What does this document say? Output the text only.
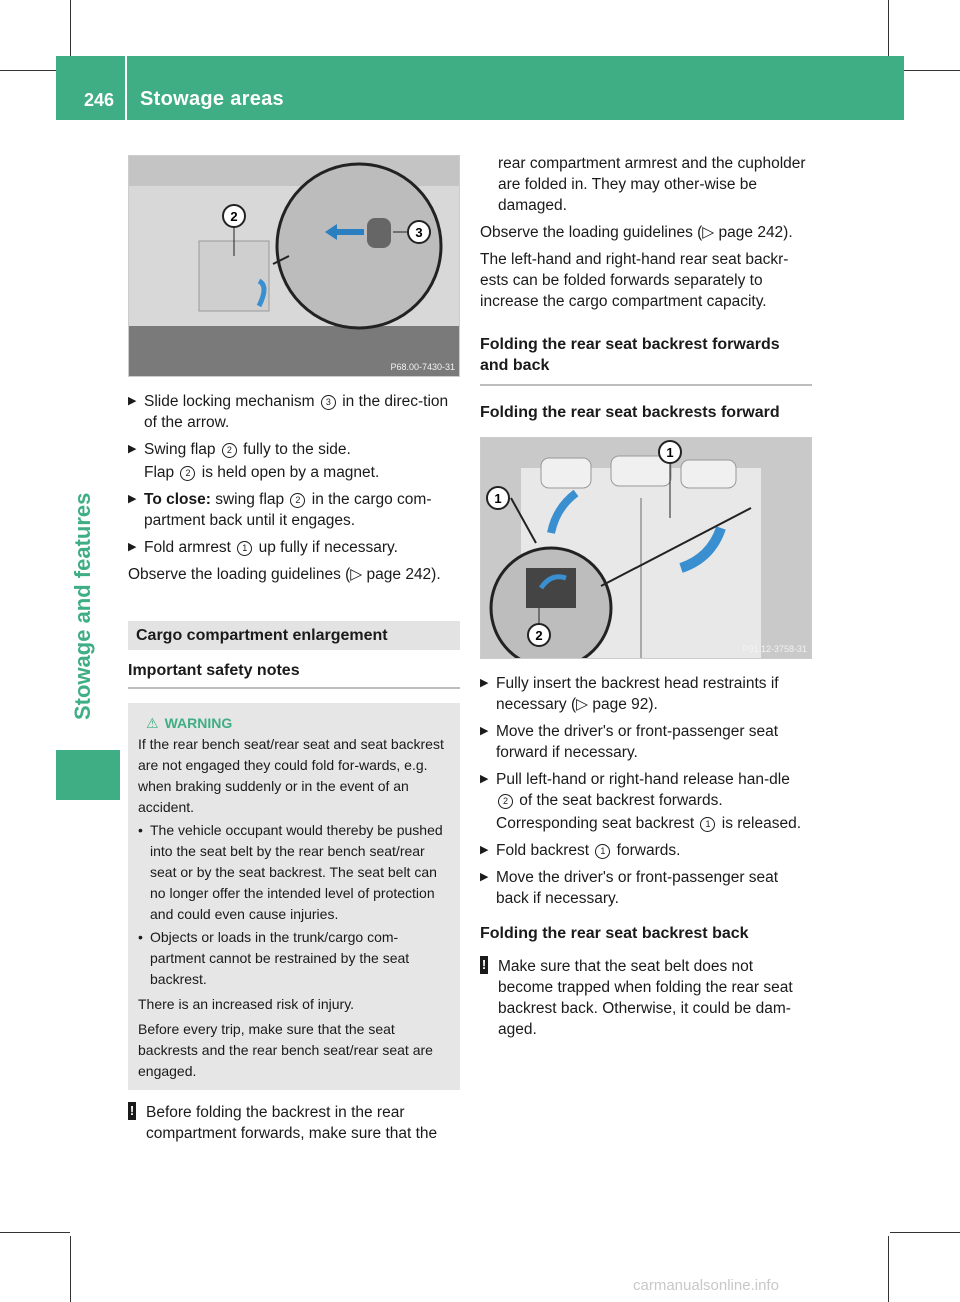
246 Stowage areas
Stowage and features
2
3
P68.00-7430-31
▶ Slide locking mechanism 3 in the direc-tion of the arrow.
▶ Swing flap 2 fully to the side.
Flap 2 is held open by a magnet.
▶ To close: swing flap 2 in the cargo com-partment back until it engages.
▶ Fold armrest 1 up fully if necessary.

Observe the loading guidelines (▷ page 242).

Cargo compartment enlargement
Important safety notes
⚠ WARNING
If the rear bench seat/rear seat and seat backrest are not engaged they could fold for-wards, e.g. when braking suddenly or in the event of an accident.
• The vehicle occupant would thereby be pushed into the seat belt by the rear bench seat/rear seat or by the seat backrest. The seat belt can no longer offer the intended level of protection and could even cause injuries.
• Objects or loads in the trunk/cargo com-partment cannot be restrained by the seat backrest.
There is an increased risk of injury.
Before every trip, make sure that the seat backrests and the rear bench seat/rear seat are engaged.
! Before folding the backrest in the rear compartment forwards, make sure that the
rear compartment armrest and the cupholder are folded in. They may other-wise be damaged.

Observe the loading guidelines (▷ page 242).

The left-hand and right-hand rear seat backr-ests can be folded forwards separately to increase the cargo compartment capacity.

Folding the rear seat backrest forwards and back
Folding the rear seat backrests forward
1
1
2
P91.12-3758-31
▶ Fully insert the backrest head restraints if necessary (▷ page 92).
▶ Move the driver's or front-passenger seat forward if necessary.
▶ Pull left-hand or right-hand release han-dle 2 of the seat backrest forwards.
Corresponding seat backrest 1 is released.
▶ Fold backrest 1 forwards.
▶ Move the driver's or front-passenger seat back if necessary.
Folding the rear seat backrest back
! Make sure that the seat belt does not become trapped when folding the rear seat backrest back. Otherwise, it could be dam-aged.
carmanualsonline.info
